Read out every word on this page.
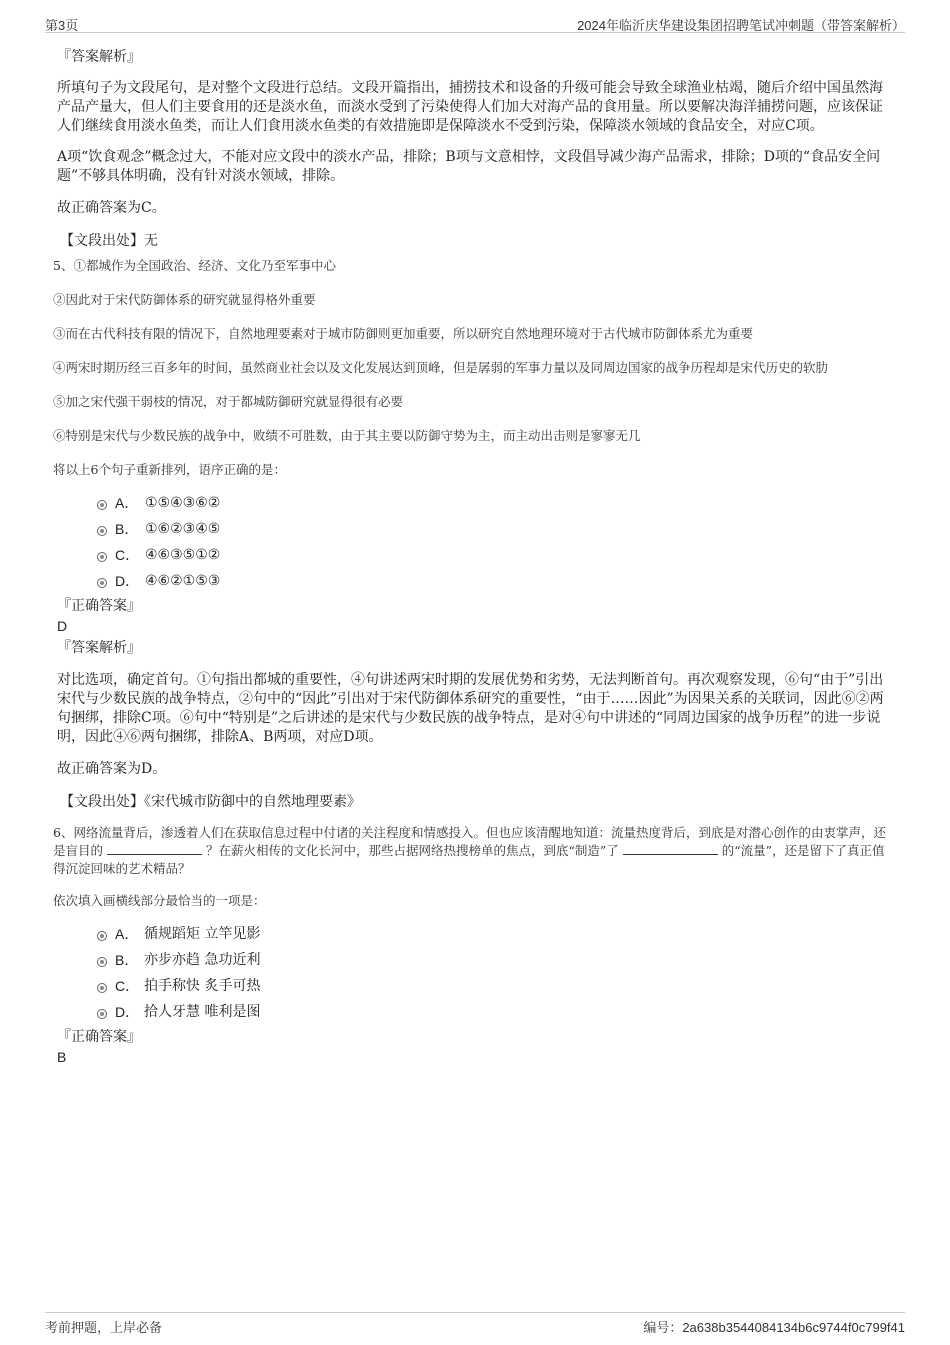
第3页	2024年临沂庆华建设集团招聘笔试冲刺题（带答案解析）

『答案解析』

所填句子为文段尾句，是对整个文段进行总结。文段开篇指出，捕捞技术和设备的升级可能会导致全球渔业枯竭，随后介绍中国虽然海产品产量大，但人们主要食用的还是淡水鱼，而淡水受到了污染使得人们加大对海产品的食用量。所以要解决海洋捕捞问题，应该保证人们继续食用淡水鱼类，而让人们食用淡水鱼类的有效措施即是保障淡水不受到污染，保障淡水领域的食品安全，对应C项。

A项“饮食观念”概念过大，不能对应文段中的淡水产品，排除；B项与文意相悖，文段倡导减少海产品需求，排除；D项的“食品安全问题”不够具体明确，没有针对淡水领域，排除。

故正确答案为C。

【文段出处】无

5、①都城作为全国政治、经济、文化乃至军事中心

②因此对于宋代防御体系的研究就显得格外重要

③而在古代科技有限的情况下，自然地理要素对于城市防御则更加重要，所以研究自然地理环境对于古代城市防御体系尤为重要

④两宋时期历经三百多年的时间，虽然商业社会以及文化发展达到顶峰，但是孱弱的军事力量以及同周边国家的战争历程却是宋代历史的软肋

⑤加之宋代强干弱枝的情况，对于都城防御研究就显得很有必要

⑥特别是宋代与少数民族的战争中，败绩不可胜数，由于其主要以防御守势为主，而主动出击则是寥寥无几

将以上6个句子重新排列，语序正确的是：

A． ①⑤④③⑥②
B． ①⑥②③④⑤
C． ④⑥③⑤①②
D． ④⑥②①⑤③

『正确答案』

D

『答案解析』

对比选项，确定首句。①句指出都城的重要性，④句讲述两宋时期的发展优势和劣势，无法判断首句。再次观察发现，⑥句“由于”引出宋代与少数民族的战争特点，②句中的“因此”引出对于宋代防御体系研究的重要性，“由于……因此”为因果关系的关联词，因此⑥②两句捆绑，排除C项。⑥句中“特别是”之后讲述的是宋代与少数民族的战争特点，是对④句中讲述的“同周边国家的战争历程”的进一步说明，因此④⑥两句捆绑，排除A、B两项，对应D项。

故正确答案为D。

【文段出处】《宋代城市防御中的自然地理要素》

6、网络流量背后，渗透着人们在获取信息过程中付诸的关注程度和情感投入。但也应该清醒地知道：流量热度背后，到底是对潜心创作的由衷掌声，还是盲目的	？在薪火相传的文化长河中，那些占据网络热搜榜单的焦点，到底“制造”了	的“流量”，还是留下了真正值得沉淀回味的艺术精品？

依次填入画横线部分最恰当的一项是：

A． 循规蹈矩 立竿见影
B． 亦步亦趋 急功近利
C． 拍手称快 炙手可热
D． 拾人牙慧 唯利是图

『正确答案』

B

考前押题，上岸必备	编号：2a638b3544084134b6c9744f0c799f41
